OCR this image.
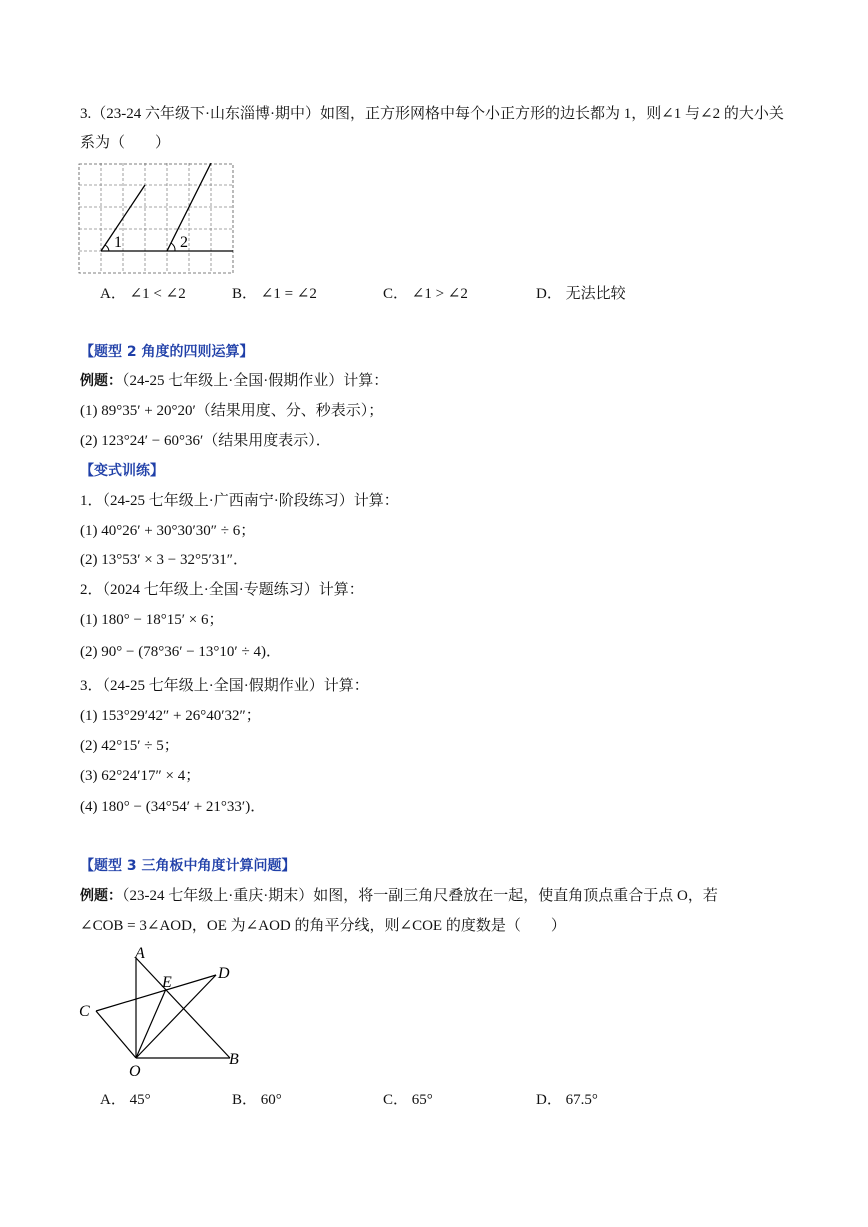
3.（23-24 六年级下·山东淄博·期中）如图，正方形网格中每个小正方形的边长都为 1，则∠1 与∠2 的大小关
系为（　　）
1	2
A． ∠1 < ∠2	B． ∠1 = ∠2	C． ∠1 > ∠2	D． 无法比较
【题型 2 角度的四则运算】
例题：（24-25 七年级上·全国·假期作业）计算：
(1) 89°35′ + 20°20′（结果用度、分、秒表示）；
(2) 123°24′ − 60°36′（结果用度表示）．
【变式训练】
1．（24-25 七年级上·广西南宁·阶段练习）计算：
(1) 40°26′ + 30°30′30″ ÷ 6；
(2) 13°53′ × 3 − 32°5′31″．
2．（2024 七年级上·全国·专题练习）计算：
(1) 180° − 18°15′ × 6；
(2) 90° − (78°36′ − 13°10′ ÷ 4)．
3．（24-25 七年级上·全国·假期作业）计算：
(1) 153°29′42″ + 26°40′32″；
(2) 42°15′ ÷ 5；
(3) 62°24′17″ × 4；
(4) 180° − (34°54′ + 21°33′)．
【题型 3 三角板中角度计算问题】
例题：（23-24 七年级上·重庆·期末）如图，将一副三角尺叠放在一起，使直角顶点重合于点 O，若
∠COB = 3∠AOD，OE 为∠AOD 的角平分线，则∠COE 的度数是（　　）
A
B
C
D
E
O
A． 45°	B． 60°	C． 65°	D． 67.5°
